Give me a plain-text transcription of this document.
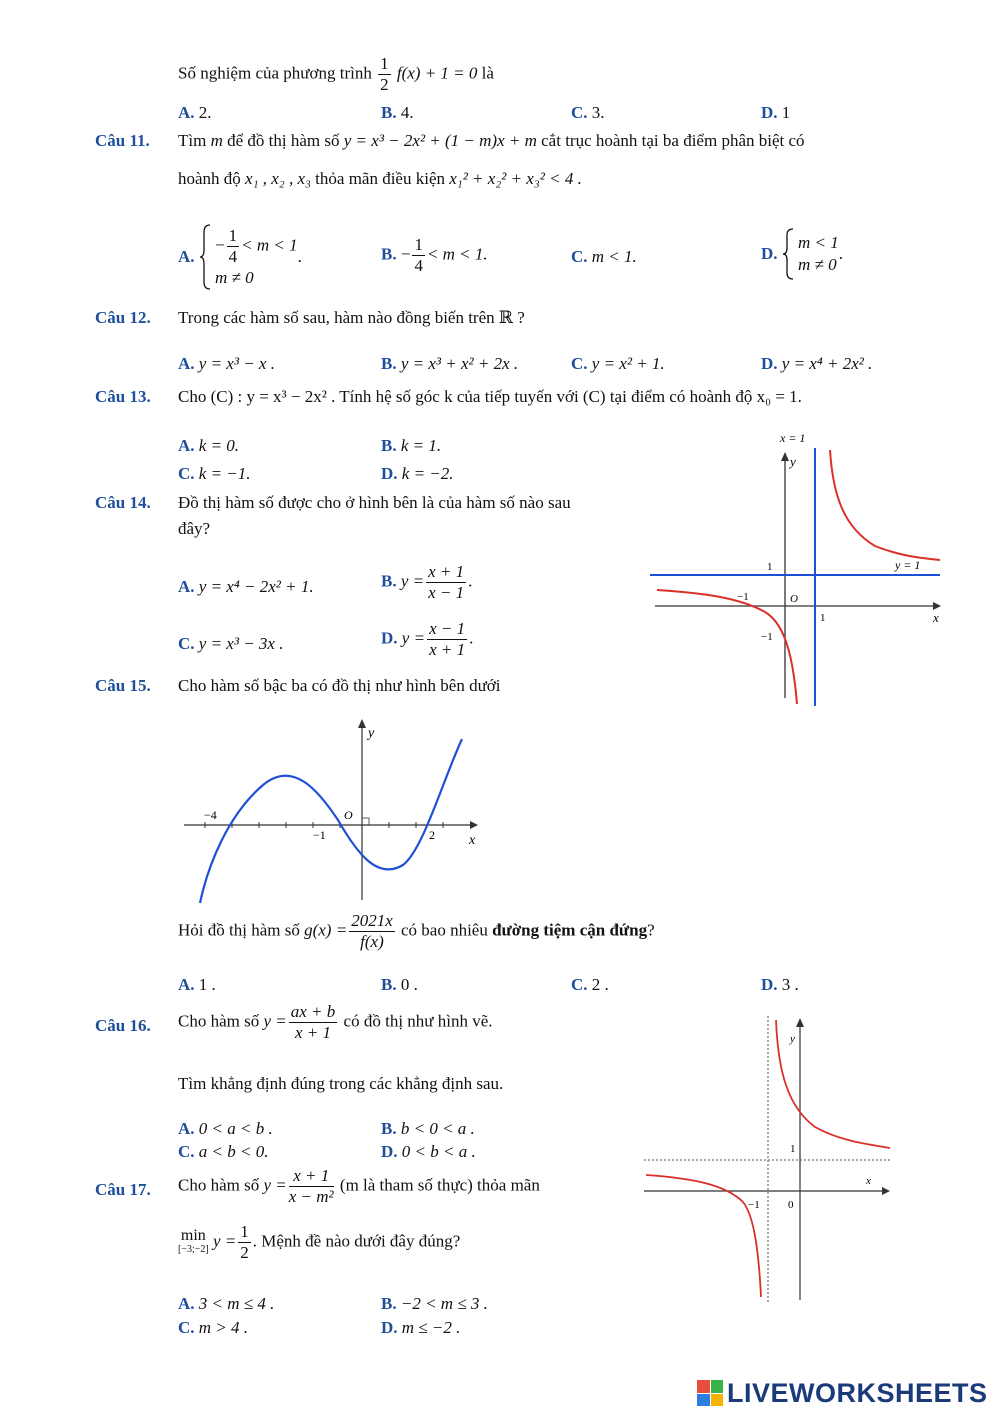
Số nghiệm của phương trình $\frac{1}{2} f(x) + 1 = 0$ là
A. 2.	B. 4.	C. 3.	D. 1
Câu 11. Tìm m để đồ thị hàm số y = x³ − 2x² + (1 − m)x + m cắt trục hoành tại ba điểm phân biệt có
hoành độ x₁ , x₂ , x₃ thỏa mãn điều kiện x₁² + x₂² + x₃² < 4 .
A.
− $\frac{1}{4} < m < 1$
m ≠ 0
.	B. − $\frac{1}{4} < m < 1$.	C. m < 1.	D.
m < 1
m ≠ 0
.
Câu 12. Trong các hàm số sau, hàm nào đồng biến trên ℝ ?
A. y = x³ − x .	B. y = x³ + x² + 2x .	C. y = x² + 1.	D. y = x⁴ + 2x² .
Câu 13. Cho (C) : y = x³ − 2x² . Tính hệ số góc k của tiếp tuyến với (C) tại điểm có hoành độ x₀ = 1.
A. k = 0.	B. k = 1.
C. k = −1.	D. k = −2.
Câu 14. Đồ thị hàm số được cho ở hình bên là của hàm số nào sau
đây?
A. y = x⁴ − 2x² + 1.	B. $y = \frac{x + 1}{x - 1}$ .
C. y = x³ − 3x .	D. $y = \frac{x - 1}{x + 1}$ .
x = 1
y
y = 1
1
−1	O
1
−1
x
Câu 15. Cho hàm số bậc ba có đồ thị như hình bên dưới
y
O
−4
−1	2 x
Hỏi đồ thị hàm số $g(x) = \frac{2021x}{f(x)}$ có bao nhiêu đường tiệm cận đứng?
A. 1 .	B. 0 .	C. 2 .	D. 3 .
Câu 16. Cho hàm số $y = \frac{ax + b}{x + 1}$ có đồ thị như hình vẽ.
Tìm khẳng định đúng trong các khẳng định sau.
A. 0 < a < b .	B. b < 0 < a .
C. a < b < 0.	D. 0 < b < a .
y
1
x
−1	0
Câu 17. Cho hàm số $y = \frac{x + 1}{\text{x − m²}} (m$ là tham số thực) thỏa mãn
min
[−3;−2] $y = \frac{1}{2}$ . Mệnh đề nào dưới đây đúng?
A. 3 < m ≤ 4 .	B. −2 < m ≤ 3 .
C. m > 4 .	D. m ≤ −2 .
LIVEWORKSHEETS
